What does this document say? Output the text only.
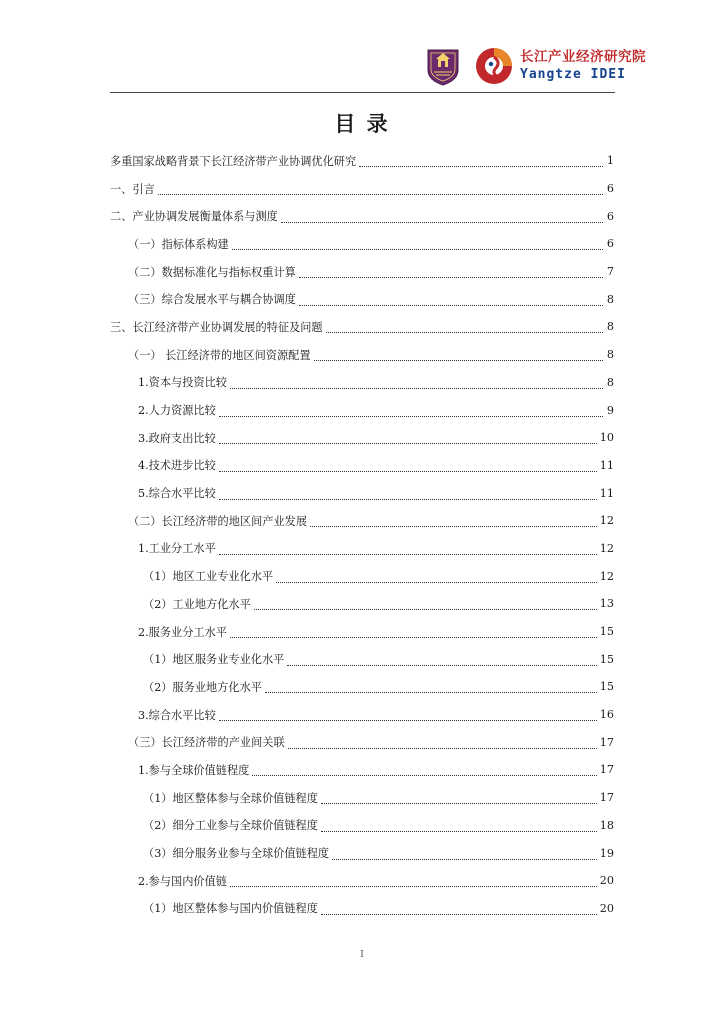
长江产业经济研究院
Yangtze IDEI
目 录
多重国家战略背景下长江经济带产业协调优化研究	1
一、引言	6
二、产业协调发展衡量体系与测度	6
（一）指标体系构建	6
（二）数据标准化与指标权重计算	7
（三）综合发展水平与耦合协调度	8
三、长江经济带产业协调发展的特征及问题	8
（一） 长江经济带的地区间资源配置	8
1.资本与投资比较	8
2.人力资源比较	9
3.政府支出比较	10
4.技术进步比较	11
5.综合水平比较	11
（二）长江经济带的地区间产业发展	12
1.工业分工水平	12
（1）地区工业专业化水平	12
（2）工业地方化水平	13
2.服务业分工水平	15
（1）地区服务业专业化水平	15
（2）服务业地方化水平	15
3.综合水平比较	16
（三）长江经济带的产业间关联	17
1.参与全球价值链程度	17
（1）地区整体参与全球价值链程度	17
（2）细分工业参与全球价值链程度	18
（3）细分服务业参与全球价值链程度	19
2.参与国内价值链	20
（1）地区整体参与国内价值链程度	20
I
